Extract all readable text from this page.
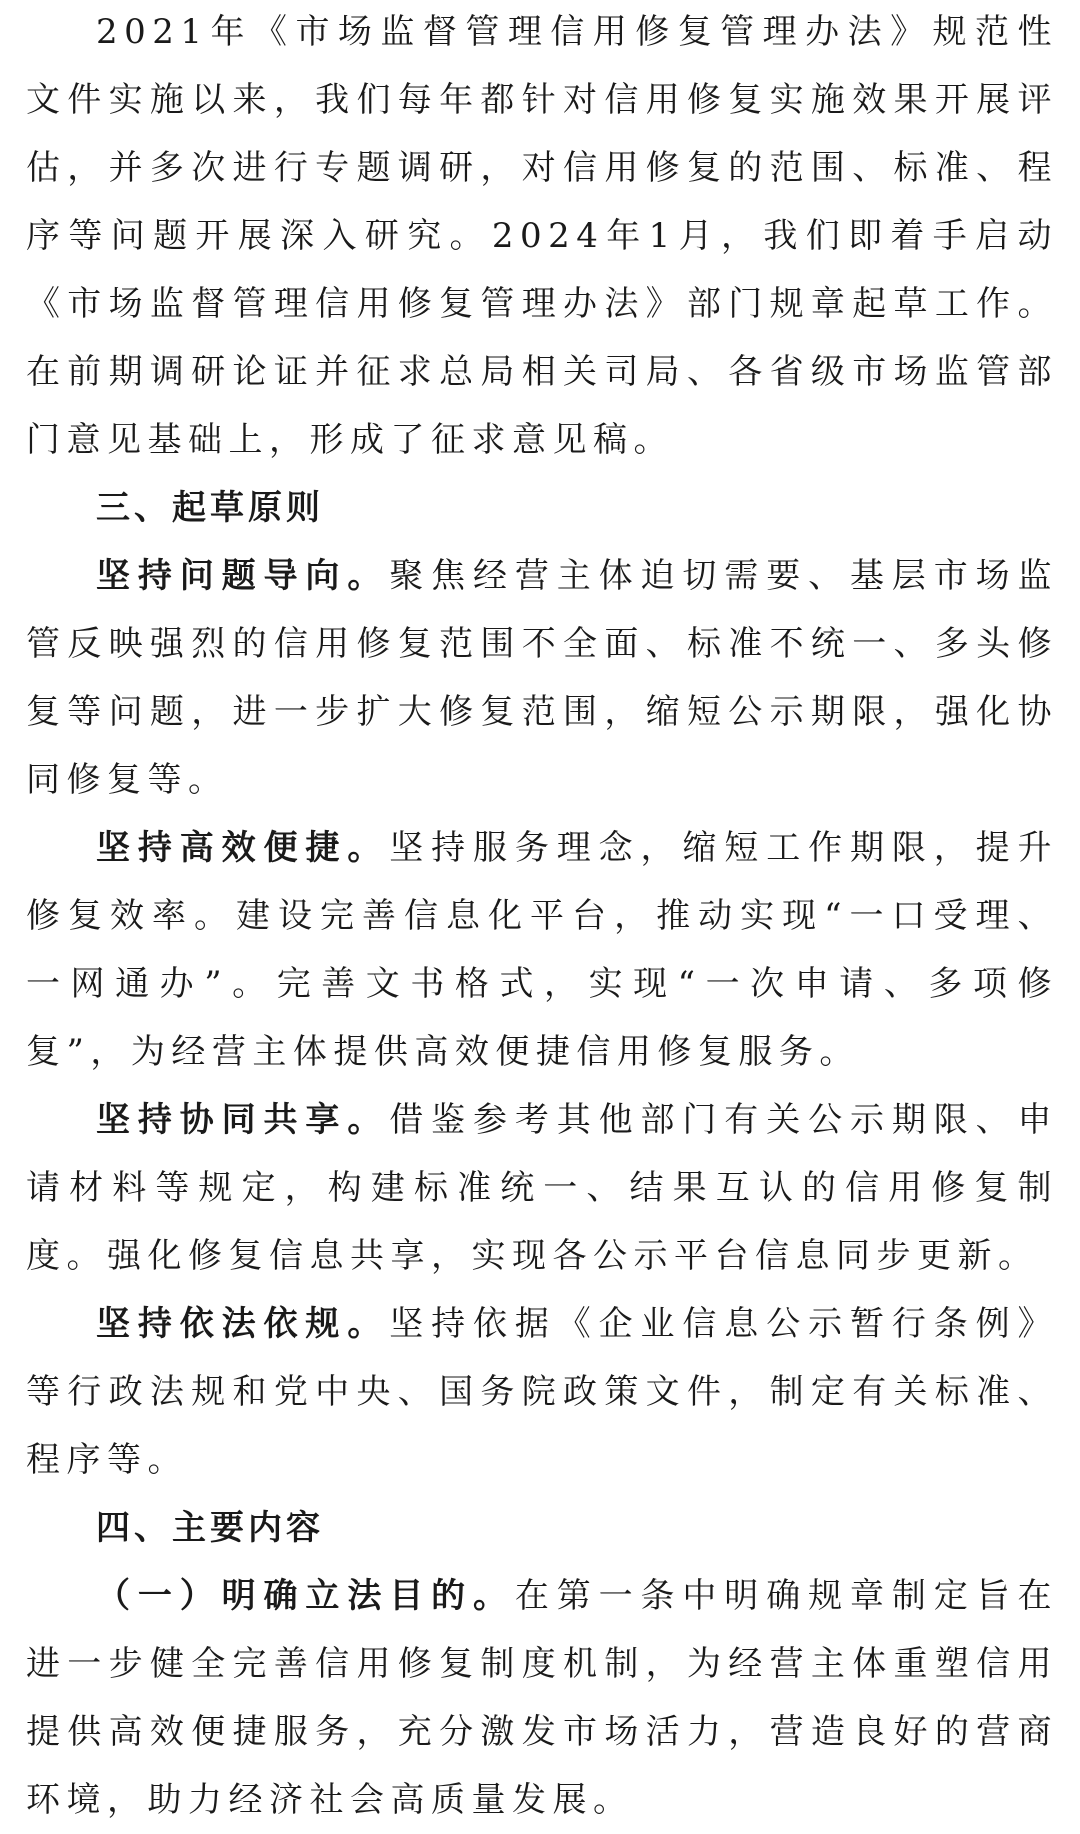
2021年《市场监督管理信用修复管理办法》规范性文件实施以来，我们每年都针对信用修复实施效果开展评估，并多次进行专题调研，对信用修复的范围、标准、程序等问题开展深入研究。2024年1月，我们即着手启动《市场监督管理信用修复管理办法》部门规章起草工作。在前期调研论证并征求总局相关司局、各省级市场监管部门意见基础上，形成了征求意见稿。

三、起草原则

坚持问题导向。聚焦经营主体迫切需要、基层市场监管反映强烈的信用修复范围不全面、标准不统一、多头修复等问题，进一步扩大修复范围，缩短公示期限，强化协同修复等。

坚持高效便捷。坚持服务理念，缩短工作期限，提升修复效率。建设完善信息化平台，推动实现“一口受理、一网通办”。完善文书格式，实现“一次申请、多项修复”，为经营主体提供高效便捷信用修复服务。

坚持协同共享。借鉴参考其他部门有关公示期限、申请材料等规定，构建标准统一、结果互认的信用修复制度。强化修复信息共享，实现各公示平台信息同步更新。

坚持依法依规。坚持依据《企业信息公示暂行条例》等行政法规和党中央、国务院政策文件，制定有关标准、程序等。

四、主要内容

（一）明确立法目的。在第一条中明确规章制定旨在进一步健全完善信用修复制度机制，为经营主体重塑信用提供高效便捷服务，充分激发市场活力，营造良好的营商环境，助力经济社会高质量发展。
